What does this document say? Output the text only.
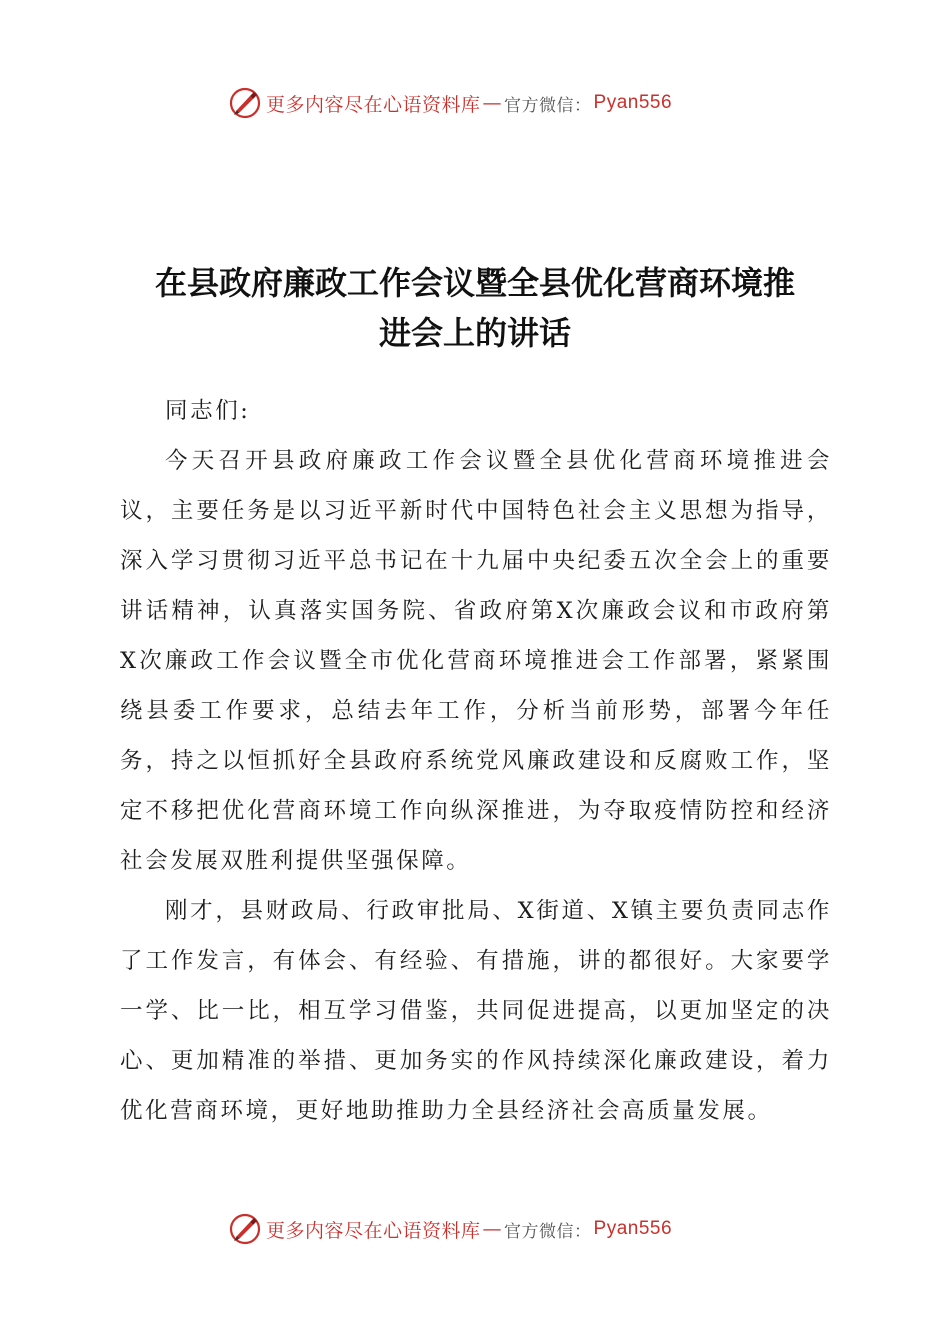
更多内容尽在心语资料库 — 官方微信： Pyan556
在县政府廉政工作会议暨全县优化营商环境推
进会上的讲话

同志们:

今天召开县政府廉政工作会议暨全县优化营商环境推进会议，主要任务是以习近平新时代中国特色社会主义思想为指导，深入学习贯彻习近平总书记在十九届中央纪委五次全会上的重要讲话精神，认真落实国务院、省政府第X次廉政会议和市政府第X次廉政工作会议暨全市优化营商环境推进会工作部署，紧紧围绕县委工作要求，总结去年工作，分析当前形势，部署今年任务，持之以恒抓好全县政府系统党风廉政建设和反腐败工作，坚定不移把优化营商环境工作向纵深推进，为夺取疫情防控和经济社会发展双胜利提供坚强保障。

刚才，县财政局、行政审批局、X街道、X镇主要负责同志作了工作发言，有体会、有经验、有措施，讲的都很好。大家要学一学、比一比，相互学习借鉴，共同促进提高，以更加坚定的决心、更加精准的举措、更加务实的作风持续深化廉政建设，着力优化营商环境，更好地助推助力全县经济社会高质量发展。

更多内容尽在心语资料库 — 官方微信： Pyan556
